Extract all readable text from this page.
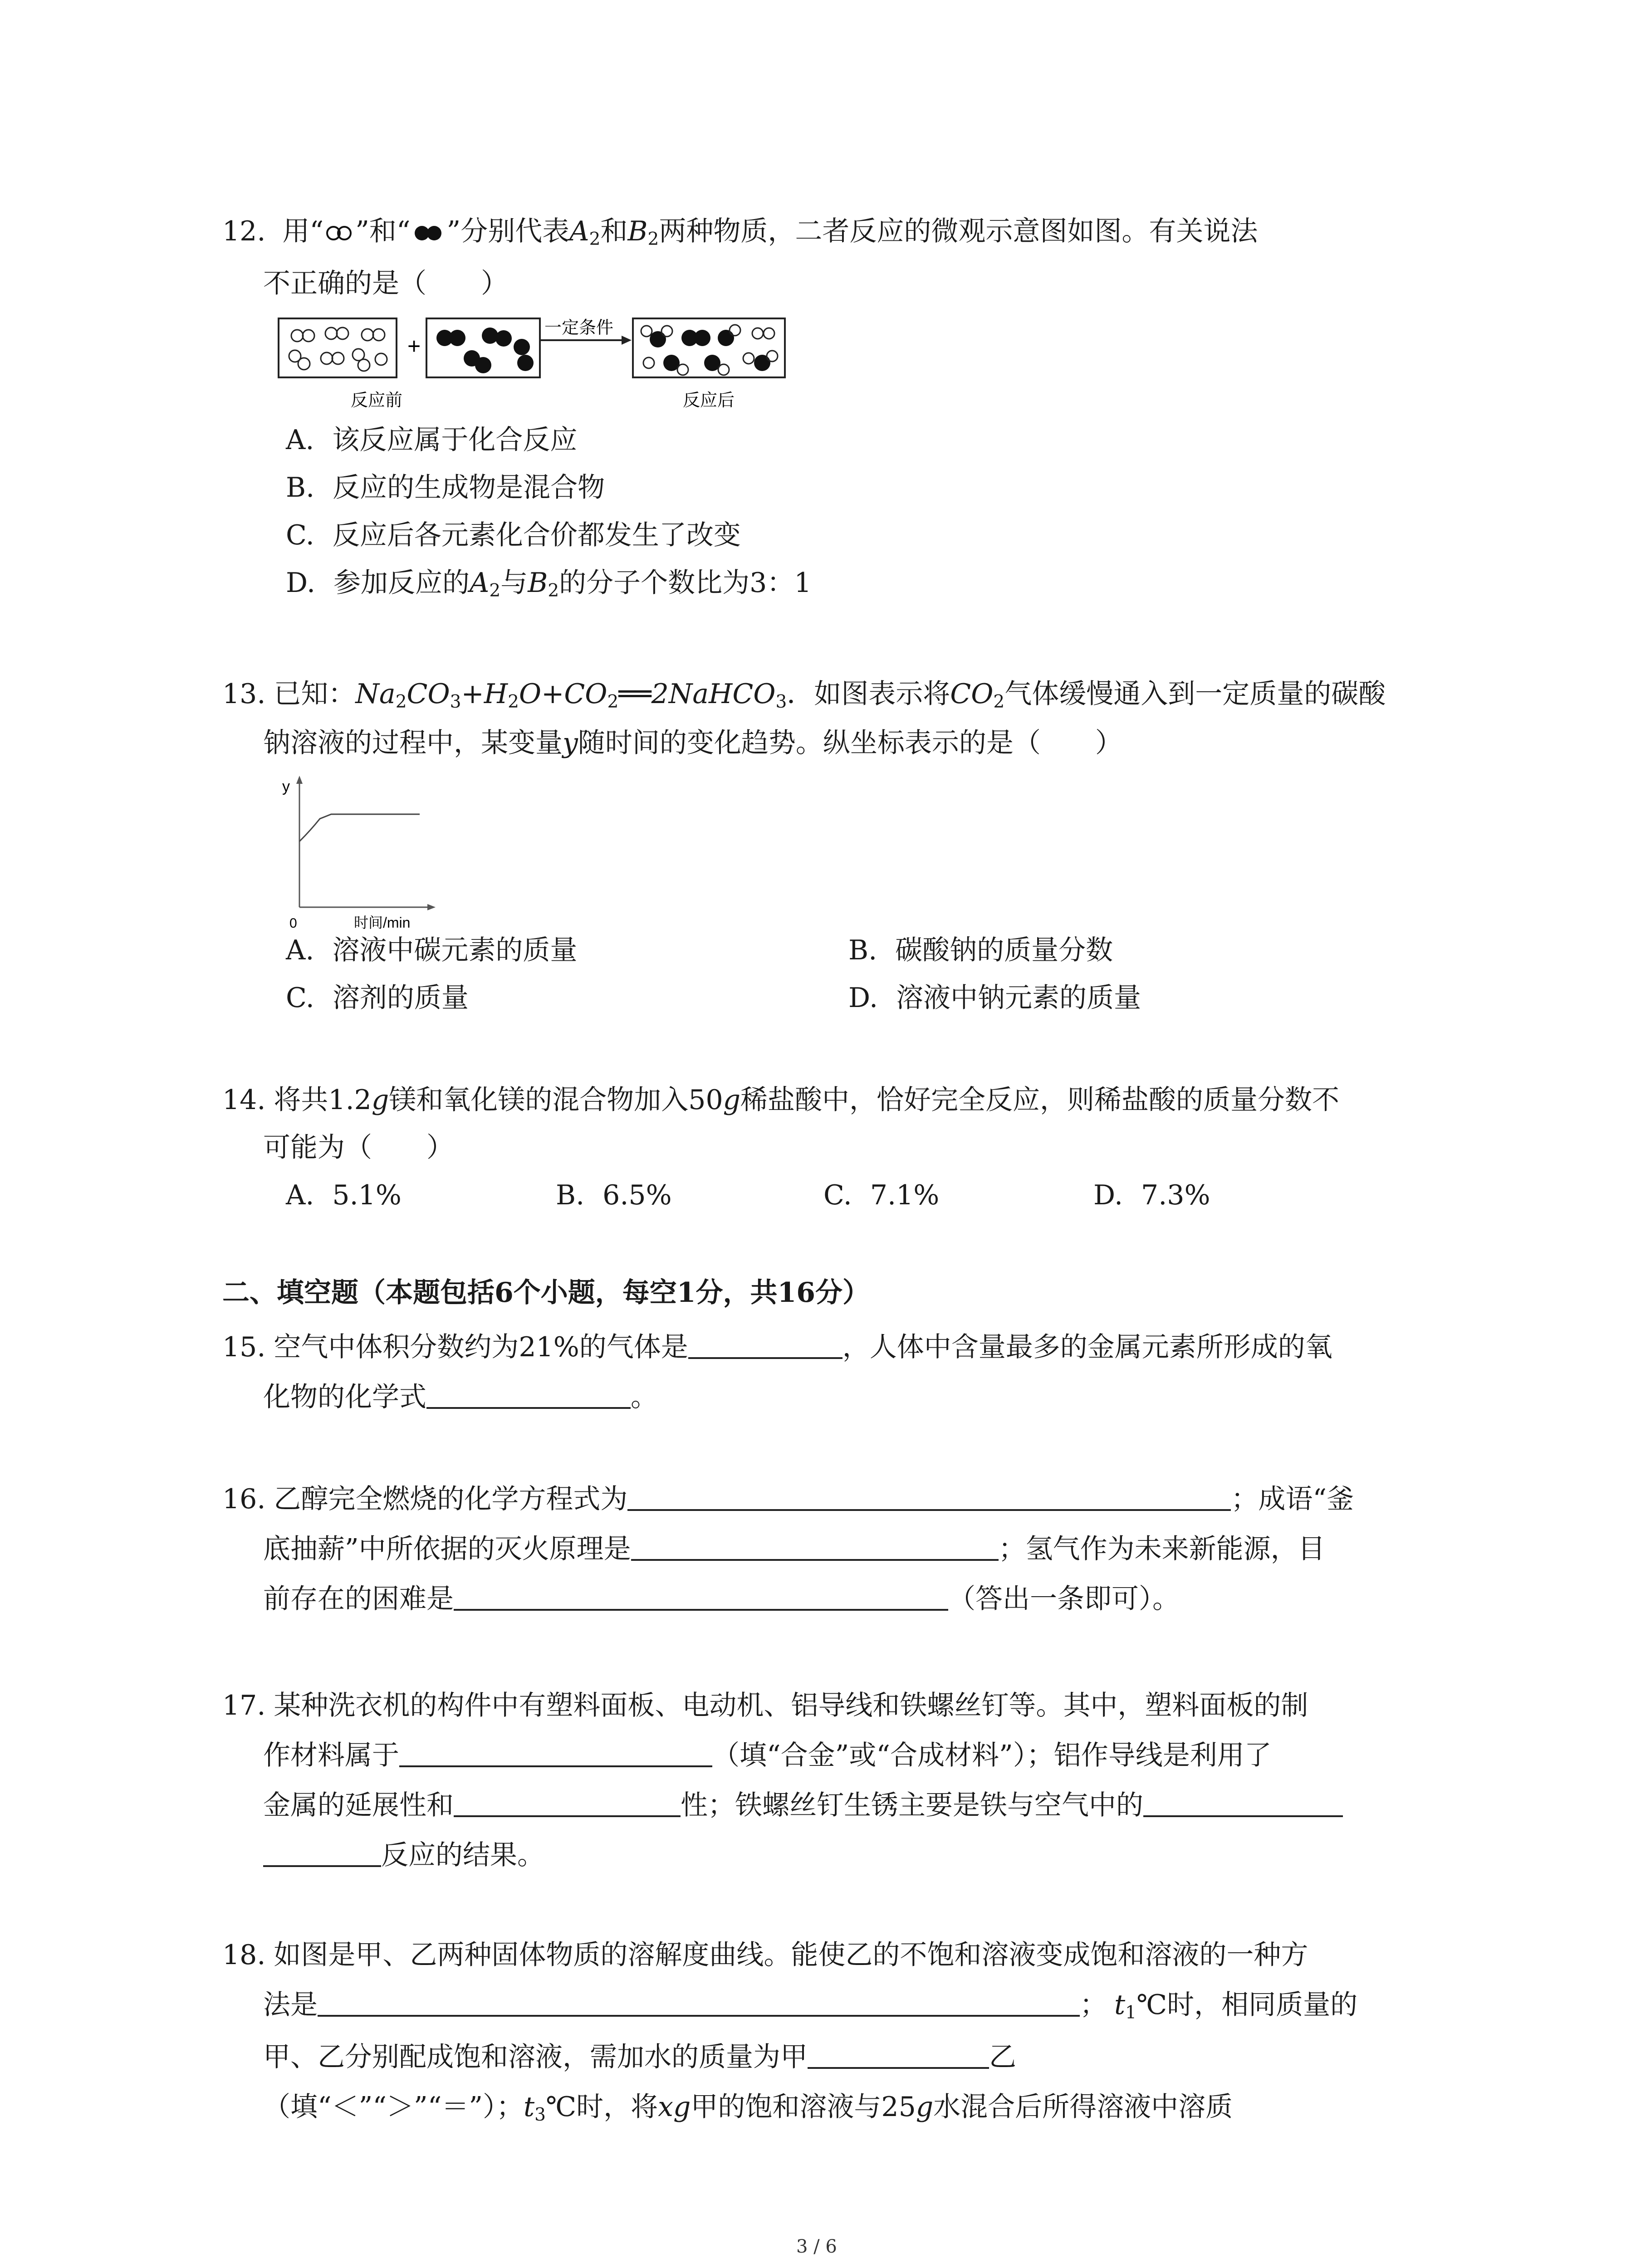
12. 用“ ”和“ ”分别代表$A_2$和$B_2$两种物质，二者反应的微观示意图如图。有关说法
不正确的是（　　）
+
一定条件
反应前	反应后
A. 该反应属于化合反应
B. 反应的生成物是混合物
C. 反应后各元素化合价都发生了改变
D. 参加反应的$A_2$与$B_2$的分子个数比为3：1
13. 已知：$Na_2CO_3+H_2O+CO_2══2NaHCO_3$．如图表示将$CO_2$气体缓慢通入到一定质量的碳酸
钠溶液的过程中，某变量y随时间的变化趋势。纵坐标表示的是（　　）
y
0	时间/min
A. 溶液中碳元素的质量	B. 碳酸钠的质量分数
C. 溶剂的质量	D. 溶液中钠元素的质量
14. 将共1.2g镁和氧化镁的混合物加入50g稀盐酸中，恰好完全反应，则稀盐酸的质量分数不
可能为（　　）
A. 5.1%	B. 6.5%	C. 7.1%	D. 7.3%
二、填空题（本题包括6个小题，每空1分，共16分）
15. 空气中体积分数约为21%的气体是	，人体中含量最多的金属元素所形成的氧
化物的化学式	。
16. 乙醇完全燃烧的化学方程式为	；成语“釜
底抽薪”中所依据的灭火原理是	；氢气作为未来新能源，目
前存在的困难是	（答出一条即可）。
17. 某种洗衣机的构件中有塑料面板、电动机、铝导线和铁螺丝钉等。其中，塑料面板的制
作材料属于	（填“合金”或“合成材料”）；铝作导线是利用了
金属的延展性和	性；铁螺丝钉生锈主要是铁与空气中的
反应的结果。
18. 如图是甲、乙两种固体物质的溶解度曲线。能使乙的不饱和溶液变成饱和溶液的一种方
法是	； $t_1℃$时，相同质量的
甲、乙分别配成饱和溶液，需加水的质量为甲	乙
（填“＜”“＞”“＝”）；$t_3℃$时，将xg甲的饱和溶液与25g水混合后所得溶液中溶质
3 / 6
